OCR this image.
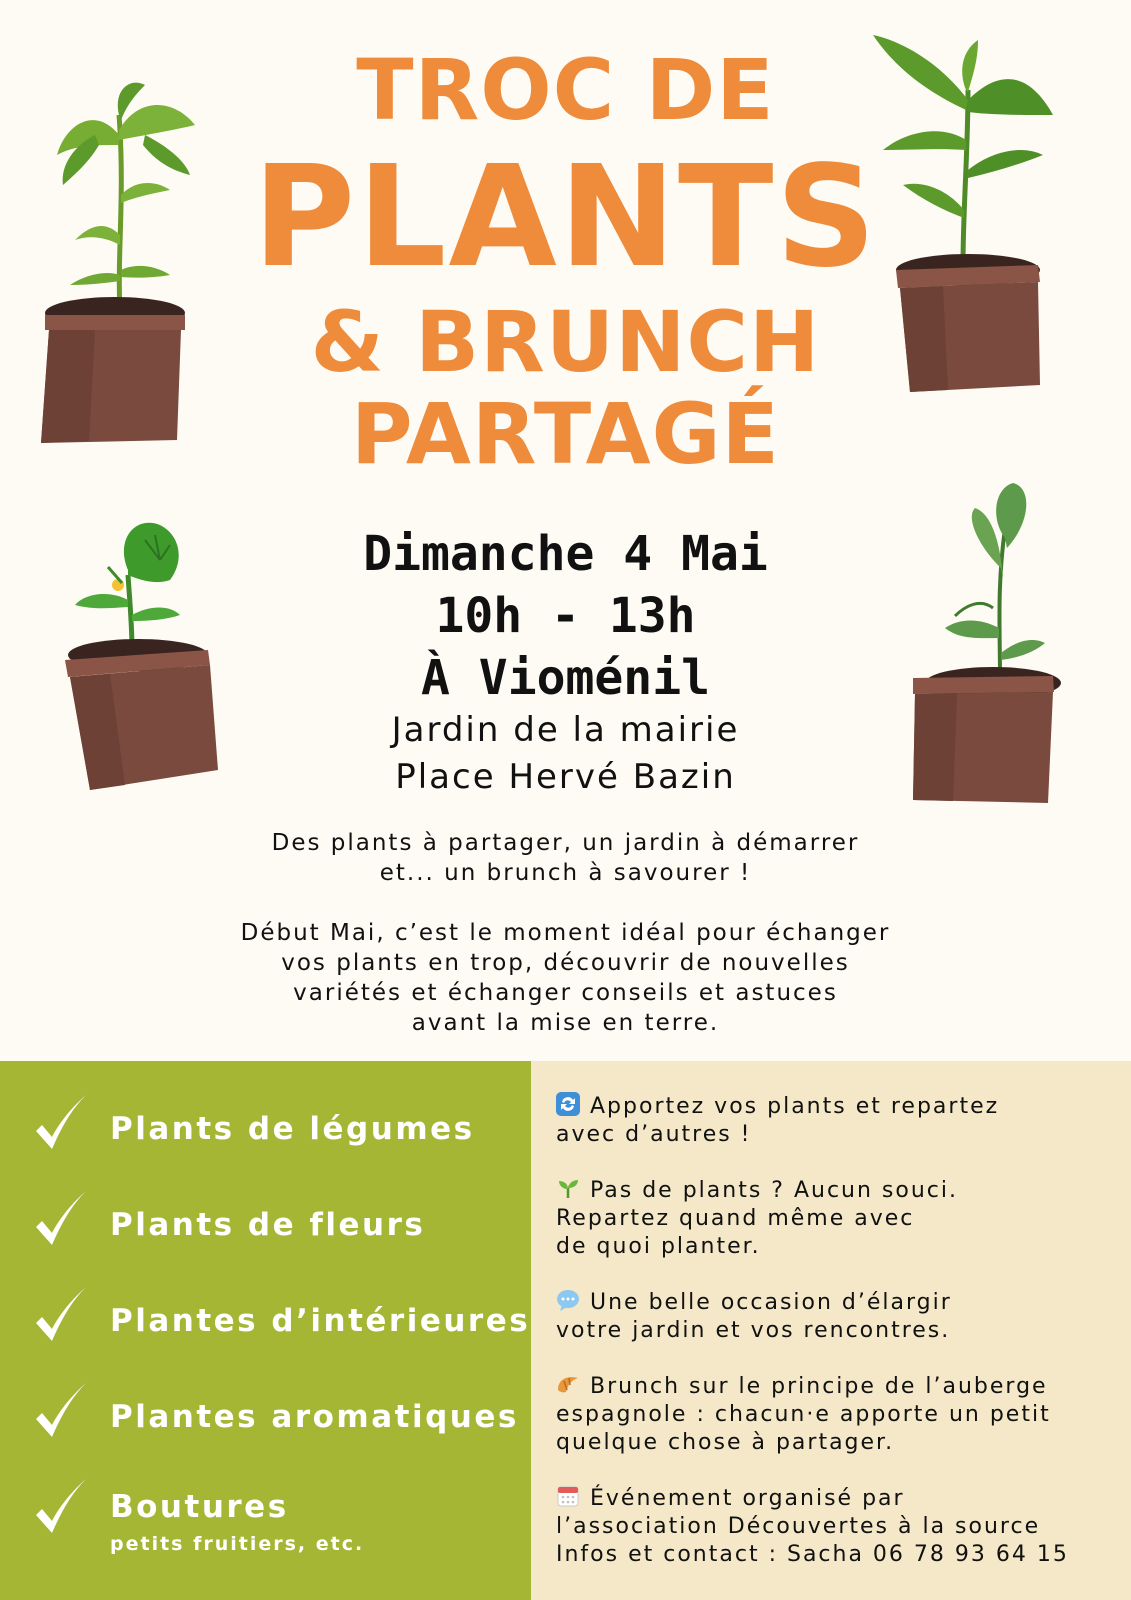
TROC DE
PLANTS
& BRUNCH
PARTAGÉ
Dimanche 4 Mai
10h - 13h
À Vioménil
Jardin de la mairie
Place Hervé Bazin
Des plants à partager, un jardin à démarrer
et... un brunch à savourer !
Début Mai, c’est le moment idéal pour échanger
vos plants en trop, découvrir de nouvelles
variétés et échanger conseils et astuces
avant la mise en terre.
Plants de légumes
Plants de fleurs
Plantes d’intérieures
Plantes aromatiques
Boutures
petits fruitiers, etc.
Apportez vos plants et repartez
avec d’autres !
Pas de plants ? Aucun souci.
Repartez quand même avec
de quoi planter.
Une belle occasion d’élargir
votre jardin et vos rencontres.
Brunch sur le principe de l’auberge
espagnole : chacun·e apporte un petit
quelque chose à partager.
Événement organisé par
l’association Découvertes à la source
Infos et contact : Sacha 06 78 93 64 15
